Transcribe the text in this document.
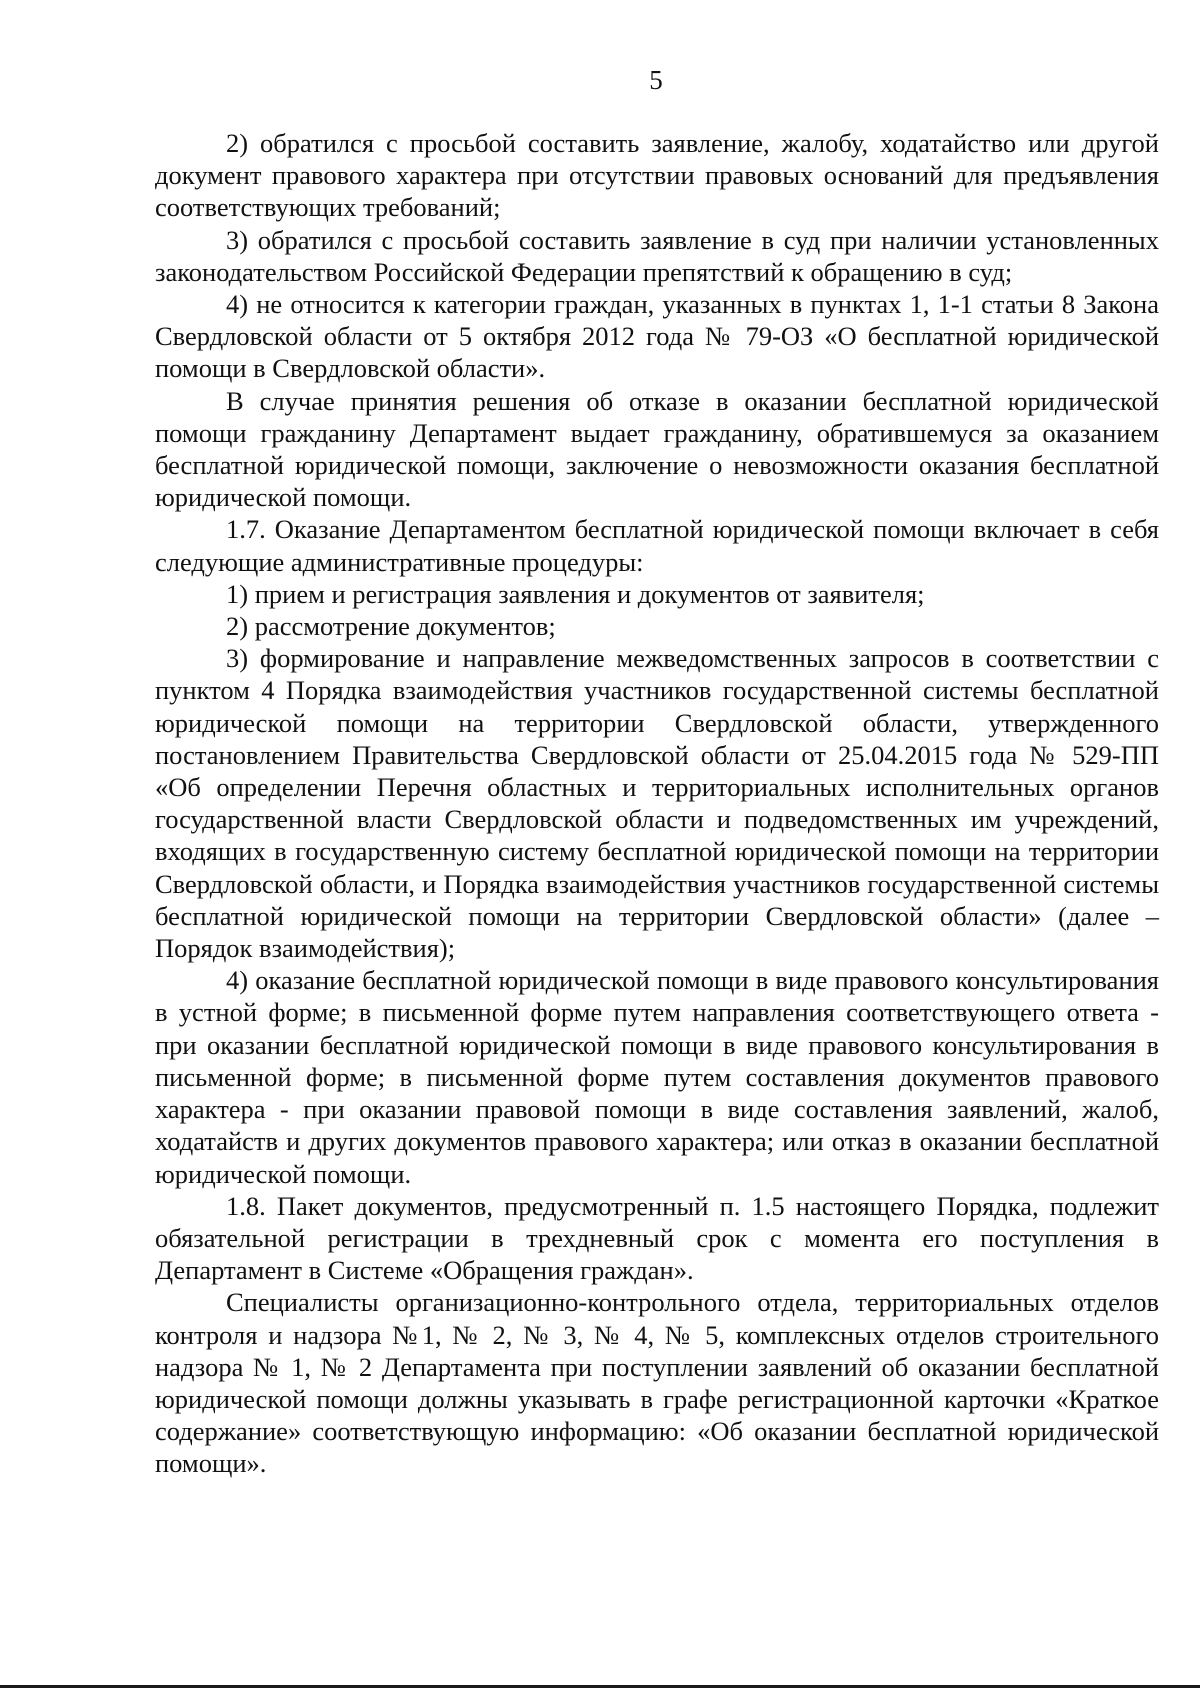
5

2) обратился с просьбой составить заявление, жалобу, ходатайство или другой документ правового характера при отсутствии правовых оснований для предъявления соответствующих требований;

3) обратился с просьбой составить заявление в суд при наличии установленных законодательством Российской Федерации препятствий к обращению в суд;

4) не относится к категории граждан, указанных в пунктах 1, 1-1 статьи 8 Закона Свердловской области от 5 октября 2012 года № 79-ОЗ «О бесплатной юридической помощи в Свердловской области».

В случае принятия решения об отказе в оказании бесплатной юридической помощи гражданину Департамент выдает гражданину, обратившемуся за оказанием бесплатной юридической помощи, заключение о невозможности оказания бесплатной юридической помощи.

1.7. Оказание Департаментом бесплатной юридической помощи включает в себя следующие административные процедуры:

1) прием и регистрация заявления и документов от заявителя;

2) рассмотрение документов;

3) формирование и направление межведомственных запросов в соответствии с пунктом 4 Порядка взаимодействия участников государственной системы бесплатной юридической помощи на территории Свердловской области, утвержденного постановлением Правительства Свердловской области от 25.04.2015 года № 529-ПП «Об определении Перечня областных и территориальных исполнительных органов государственной власти Свердловской области и подведомственных им учреждений, входящих в государственную систему бесплатной юридической помощи на территории Свердловской области, и Порядка взаимодействия участников государственной системы бесплатной юридической помощи на территории Свердловской области» (далее – Порядок взаимодействия);

4) оказание бесплатной юридической помощи в виде правового консультирования в устной форме; в письменной форме путем направления соответствующего ответа - при оказании бесплатной юридической помощи в виде правового консультирования в письменной форме; в письменной форме путем составления документов правового характера - при оказании правовой помощи в виде составления заявлений, жалоб, ходатайств и других документов правового характера; или отказ в оказании бесплатной юридической помощи.

1.8. Пакет документов, предусмотренный п. 1.5 настоящего Порядка, подлежит обязательной регистрации в трехдневный срок с момента его поступления в Департамент в Системе «Обращения граждан».

Специалисты организационно-контрольного отдела, территориальных отделов контроля и надзора №1, № 2, № 3, № 4, № 5, комплексных отделов строительного надзора № 1, № 2 Департамента при поступлении заявлений об оказании бесплатной юридической помощи должны указывать в графе регистрационной карточки «Краткое содержание» соответствующую информацию: «Об оказании бесплатной юридической помощи».
